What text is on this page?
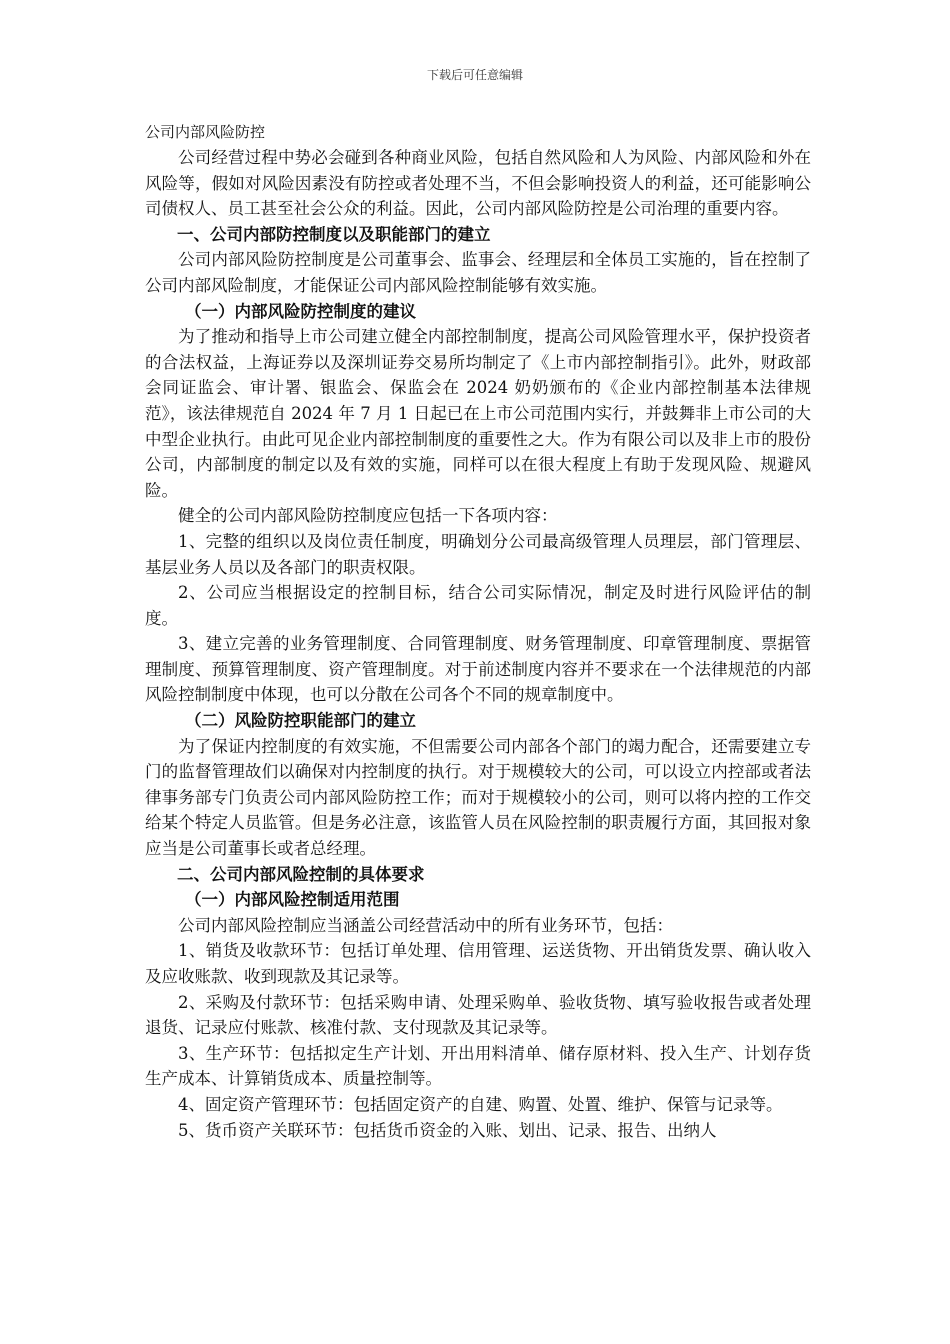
下载后可任意编辑
公司内部风险防控

公司经营过程中势必会碰到各种商业风险，包括自然风险和人为风险、内部风险和外在风险等，假如对风险因素没有防控或者处理不当，不但会影响投资人的利益，还可能影响公司债权人、员工甚至社会公众的利益。因此，公司内部风险防控是公司治理的重要内容。

一、公司内部防控制度以及职能部门的建立

公司内部风险防控制度是公司董事会、监事会、经理层和全体员工实施的，旨在控制了公司内部风险制度，才能保证公司内部风险控制能够有效实施。

（一）内部风险防控制度的建议

为了推动和指导上市公司建立健全内部控制制度，提高公司风险管理水平，保护投资者的合法权益，上海证券以及深圳证券交易所均制定了《上市内部控制指引》。此外，财政部会同证监会、审计署、银监会、保监会在 2024 奶奶颁布的《企业内部控制基本法律规范》，该法律规范自 2024 年 7 月 1 日起已在上市公司范围内实行，并鼓舞非上市公司的大中型企业执行。由此可见企业内部控制制度的重要性之大。作为有限公司以及非上市的股份公司，内部制度的制定以及有效的实施，同样可以在很大程度上有助于发现风险、规避风险。

健全的公司内部风险防控制度应包括一下各项内容：

1、完整的组织以及岗位责任制度，明确划分公司最高级管理人员理层，部门管理层、基层业务人员以及各部门的职责权限。

2、公司应当根据设定的控制目标，结合公司实际情况，制定及时进行风险评估的制度。

3、建立完善的业务管理制度、合同管理制度、财务管理制度、印章管理制度、票据管理制度、预算管理制度、资产管理制度。对于前述制度内容并不要求在一个法律规范的内部风险控制制度中体现，也可以分散在公司各个不同的规章制度中。

（二）风险防控职能部门的建立

为了保证内控制度的有效实施，不但需要公司内部各个部门的竭力配合，还需要建立专门的监督管理故们以确保对内控制度的执行。对于规模较大的公司，可以设立内控部或者法律事务部专门负责公司内部风险防控工作；而对于规模较小的公司，则可以将内控的工作交给某个特定人员监管。但是务必注意，该监管人员在风险控制的职责履行方面，其回报对象应当是公司董事长或者总经理。

二、公司内部风险控制的具体要求
（一）内部风险控制适用范围

公司内部风险控制应当涵盖公司经营活动中的所有业务环节，包括：

1、销货及收款环节：包括订单处理、信用管理、运送货物、开出销货发票、确认收入及应收账款、收到现款及其记录等。

2、采购及付款环节：包括采购申请、处理采购单、验收货物、填写验收报告或者处理退货、记录应付账款、核准付款、支付现款及其记录等。

3、生产环节：包括拟定生产计划、开出用料清单、储存原材料、投入生产、计划存货生产成本、计算销货成本、质量控制等。

4、固定资产管理环节：包括固定资产的自建、购置、处置、维护、保管与记录等。

5、货币资产关联环节：包括货币资金的入账、划出、记录、报告、出纳人
